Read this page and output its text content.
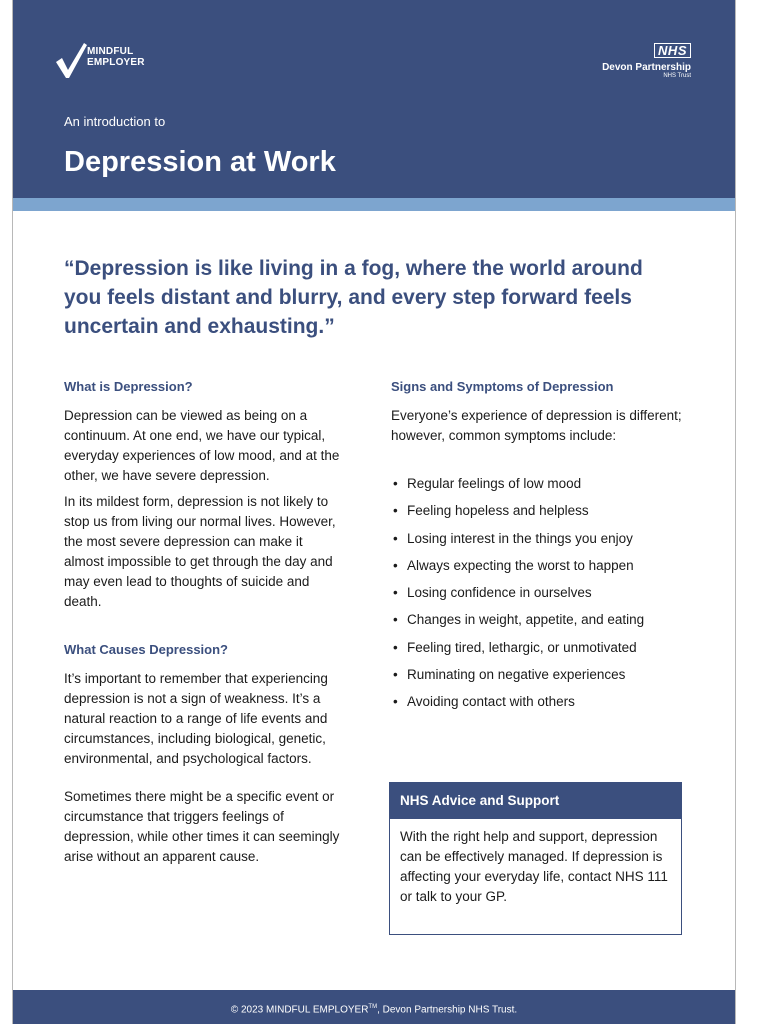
MINDFUL
EMPLOYER
NHS
Devon Partnership
NHS Trust
An introduction to
Depression at Work

“Depression is like living in a fog, where the world around you feels distant and blurry, and every step forward feels uncertain and exhausting.”

What is Depression?

Depression can be viewed as being on a continuum. At one end, we have our typical, everyday experiences of low mood, and at the other, we have severe depression.

In its mildest form, depression is not likely to stop us from living our normal lives. However, the most severe depression can make it almost impossible to get through the day and may even lead to thoughts of suicide and death.

What Causes Depression?

It’s important to remember that experiencing depression is not a sign of weakness. It’s a natural reaction to a range of life events and circumstances, including biological, genetic, environmental, and psychological factors.

Sometimes there might be a specific event or circumstance that triggers feelings of depression, while other times it can seemingly arise without an apparent cause.

Signs and Symptoms of Depression

Everyone’s experience of depression is different; however, common symptoms include:

• Regular feelings of low mood
• Feeling hopeless and helpless
• Losing interest in the things you enjoy
• Always expecting the worst to happen
• Losing confidence in ourselves
• Changes in weight, appetite, and eating
• Feeling tired, lethargic, or unmotivated
• Ruminating on negative experiences
• Avoiding contact with others
NHS Advice and Support

With the right help and support, depression can be effectively managed. If depression is affecting your everyday life, contact NHS 111 or talk to your GP.

© 2023 MINDFUL EMPLOYER™, Devon Partnership NHS Trust.
